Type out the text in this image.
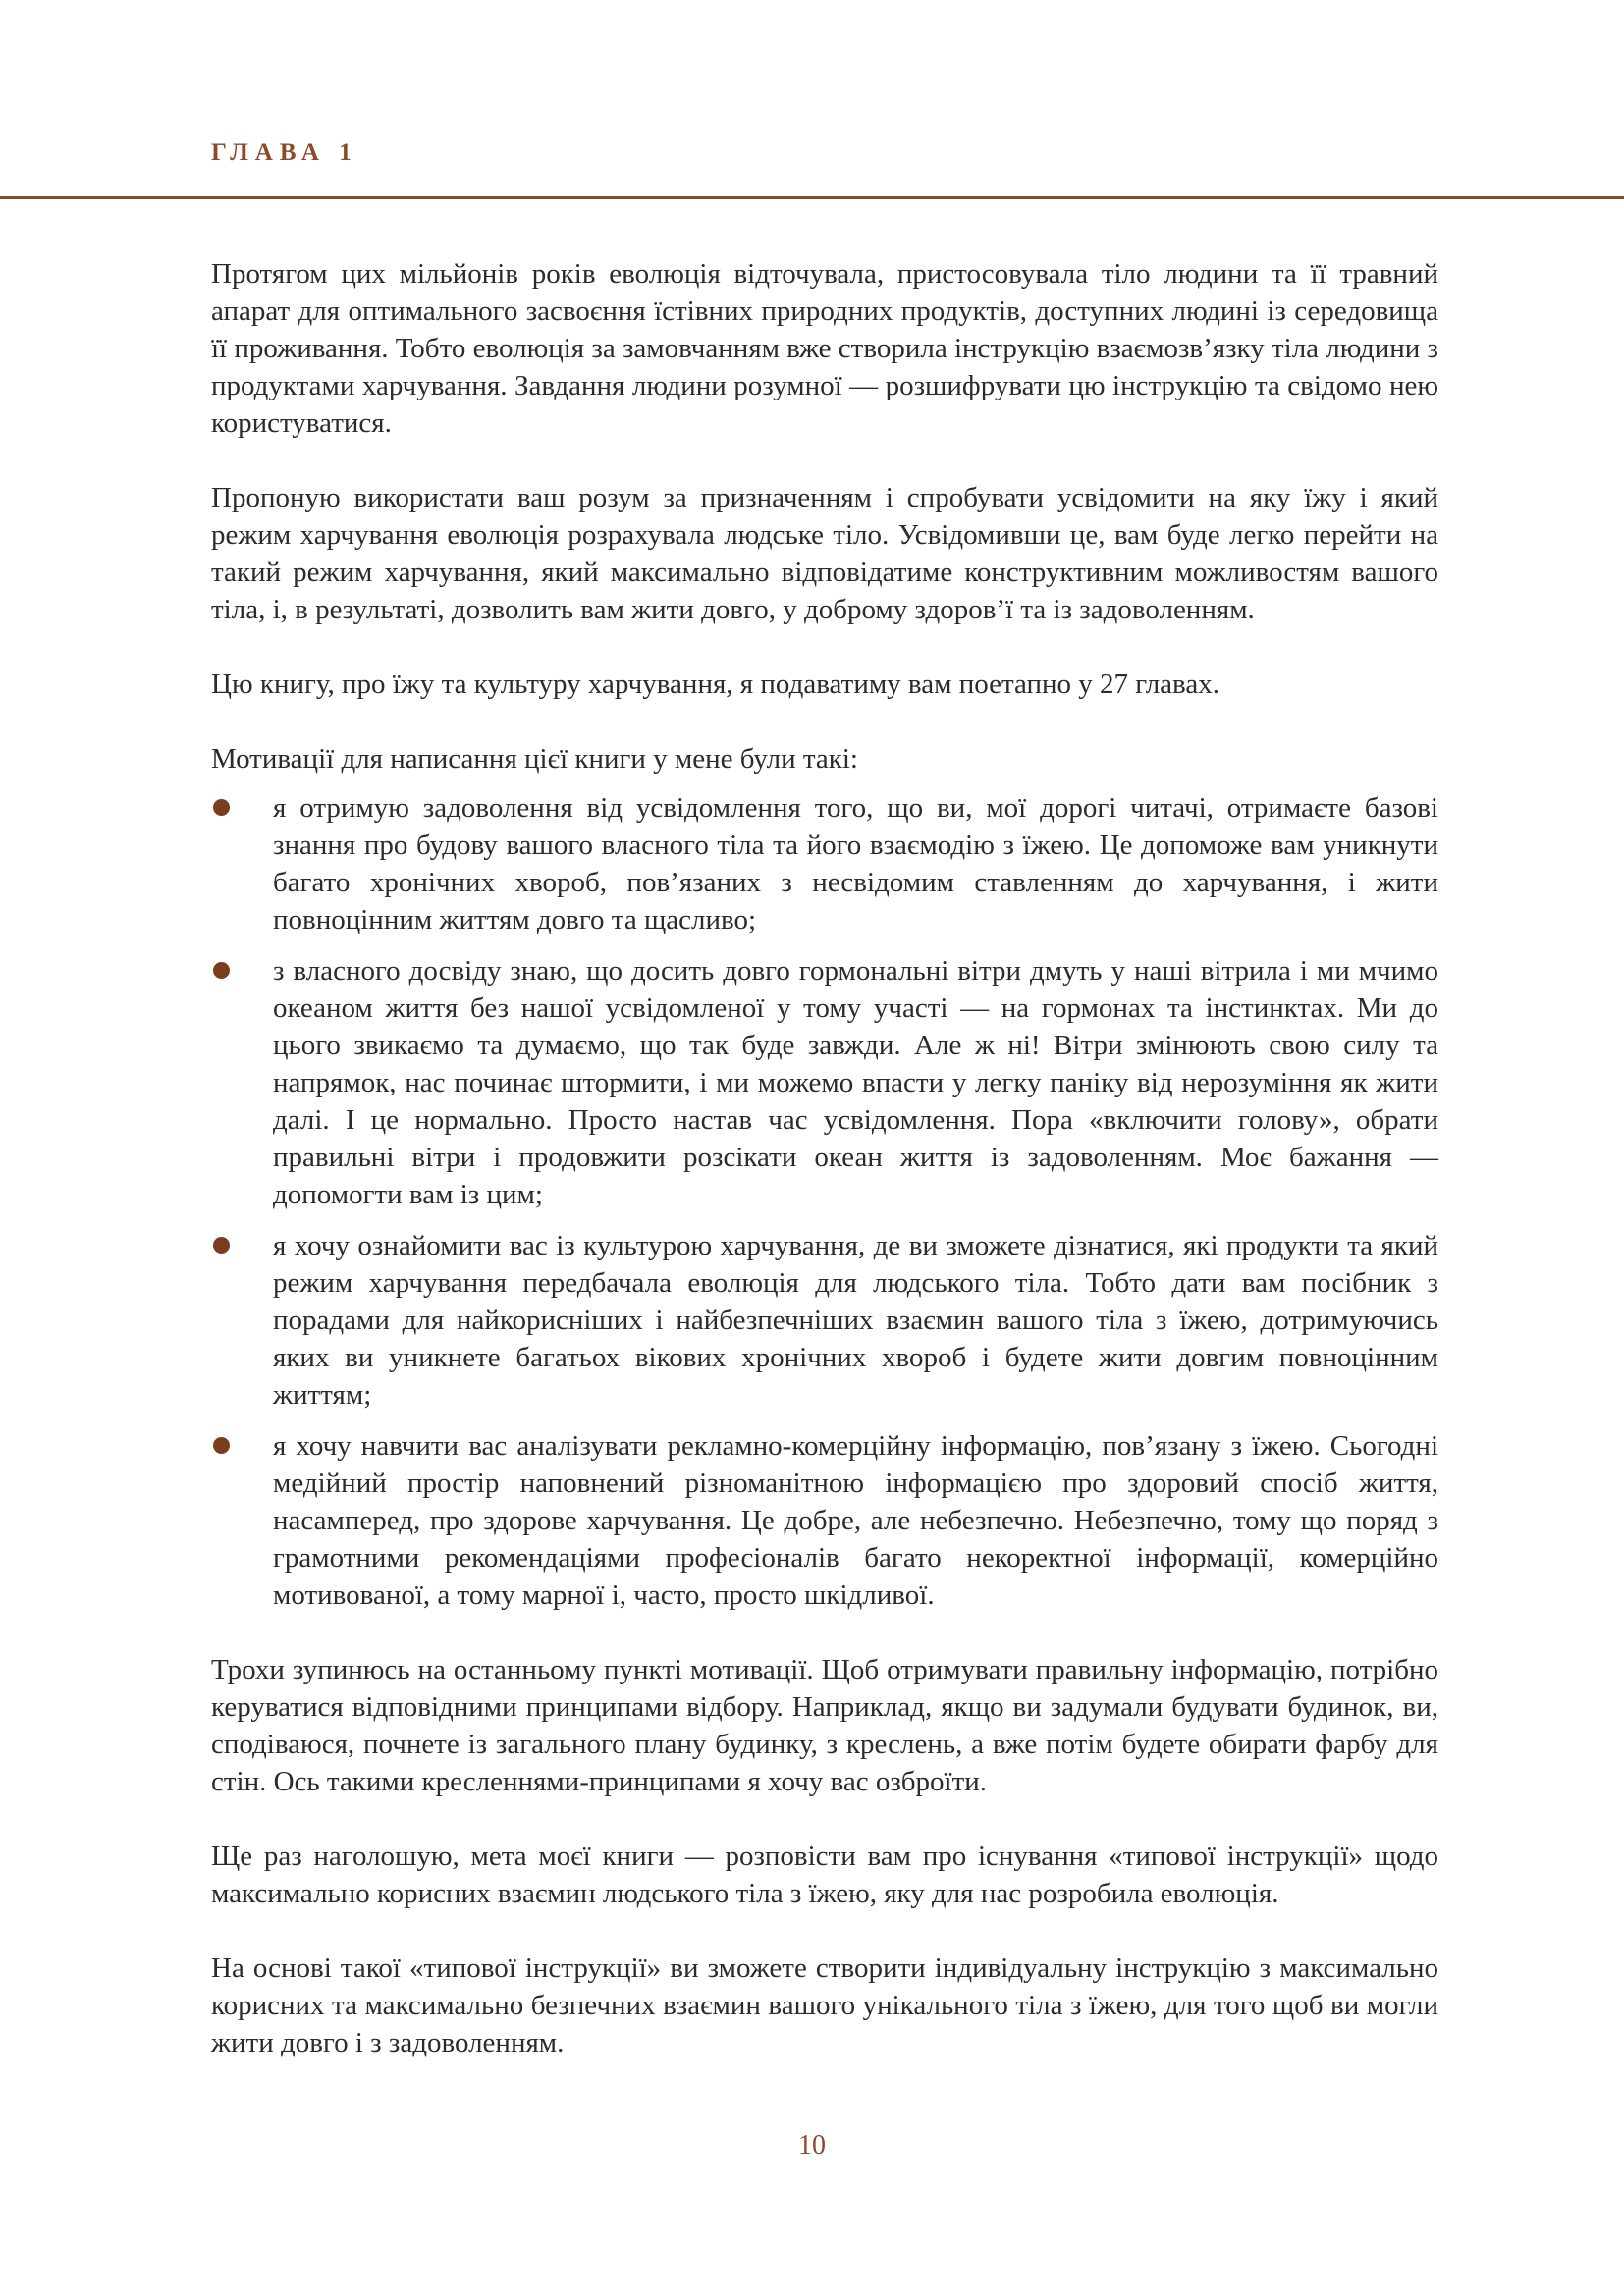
ГЛАВА 1

Протягом цих мільйонів років еволюція відточувала, пристосовувала тіло людини та її травний апарат для оптимального засвоєння їстівних природних продуктів, доступних людині із середовища її проживання. Тобто еволюція за замовчанням вже створила інструкцію взаємозв’язку тіла людини з продуктами харчування. Завдання людини розумної — розшифрувати цю інструкцію та свідомо нею користуватися.

Пропоную використати ваш розум за призначенням і спробувати усвідомити на яку їжу і який режим харчування еволюція розрахувала людське тіло. Усвідомивши це, вам буде легко перейти на такий режим харчування, який максимально відповідатиме конструктивним можливостям вашого тіла, і, в результаті, дозволить вам жити довго, у доброму здоров’ї та із задоволенням.

Цю книгу, про їжу та культуру харчування, я подаватиму вам поетапно у 27 главах.

Мотивації для написання цієї книги у мене були такі:

я отримую задоволення від усвідомлення того, що ви, мої дорогі читачі, отримаєте базові знання про будову вашого власного тіла та його взаємодію з їжею. Це допоможе вам уникнути багато хронічних хвороб, пов’язаних з несвідомим ставленням до харчування, і жити повноцінним життям довго та щасливо;
з власного досвіду знаю, що досить довго гормональні вітри дмуть у наші вітрила і ми мчимо океаном життя без нашої усвідомленої у тому участі — на гормонах та інстинктах. Ми до цього звикаємо та думаємо, що так буде завжди. Але ж ні! Вітри змінюють свою силу та напрямок, нас починає штормити, і ми можемо впасти у легку паніку від нерозуміння як жити далі. І це нормально. Просто настав час усвідомлення. Пора «включити голову», обрати правильні вітри і продовжити розсікати океан життя із задоволенням. Моє бажання — допомогти вам із цим;
я хочу ознайомити вас із культурою харчування, де ви зможете дізнатися, які продукти та який режим харчування передбачала еволюція для людського тіла. Тобто дати вам посібник з порадами для найкорисніших і найбезпечніших взаємин вашого тіла з їжею, дотримуючись яких ви уникнете багатьох вікових хронічних хвороб і будете жити довгим повноцінним життям;
я хочу навчити вас аналізувати рекламно-комерційну інформацію, пов’язану з їжею. Сьогодні медійний простір наповнений різноманітною інформацією про здоровий спосіб життя, насамперед, про здорове харчування. Це добре, але небезпечно. Небезпечно, тому що поряд з грамотними рекомендаціями професіоналів багато некоректної інформації, комерційно мотивованої, а тому марної і, часто, просто шкідливої.

Трохи зупинюсь на останньому пункті мотивації. Щоб отримувати правильну інформацію, потрібно керуватися відповідними принципами відбору. Наприклад, якщо ви задумали будувати будинок, ви, сподіваюся, почнете із загального плану будинку, з креслень, а вже потім будете обирати фарбу для стін. Ось такими кресленнями-принципами я хочу вас озброїти.

Ще раз наголошую, мета моєї книги — розповісти вам про існування «типової інструкції» щодо максимально корисних взаємин людського тіла з їжею, яку для нас розробила еволюція.

На основі такої «типової інструкції» ви зможете створити індивідуальну інструкцію з максимально корисних та максимально безпечних взаємин вашого унікального тіла з їжею, для того щоб ви могли жити довго і з задоволенням.

10
